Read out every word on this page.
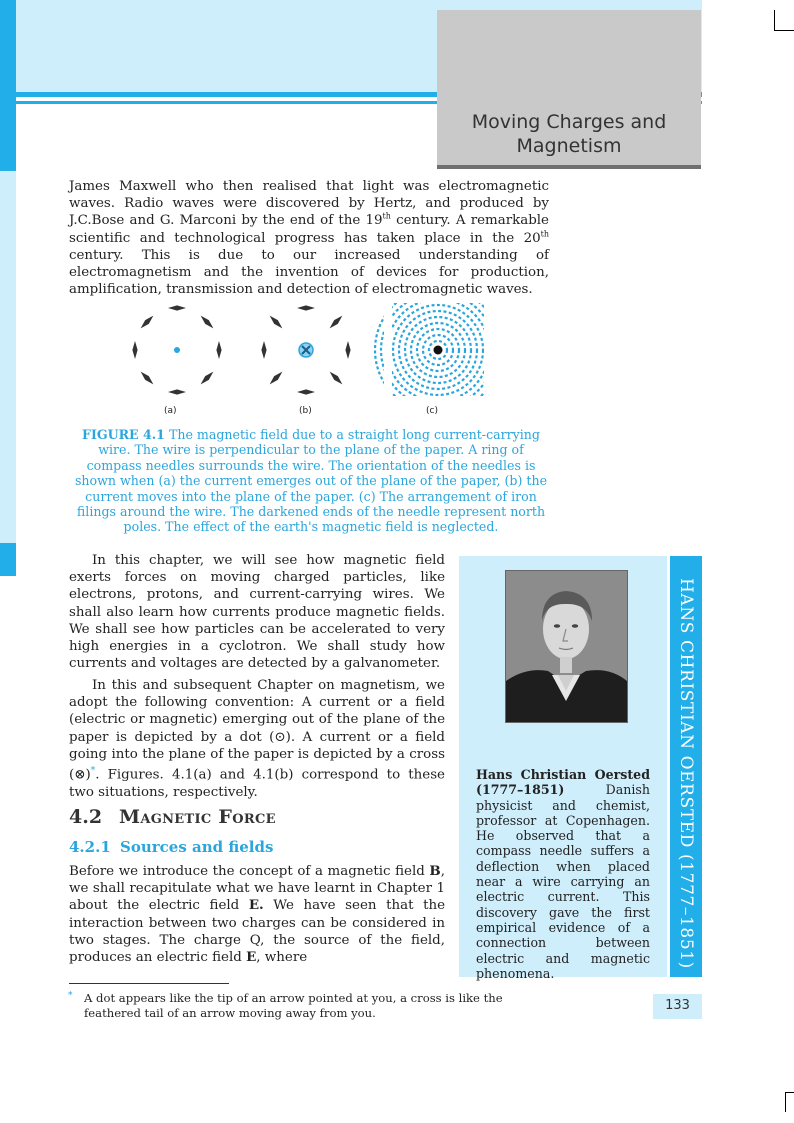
Moving Charges and Magnetism
James Maxwell who then realised that light was electromagnetic waves. Radio waves were discovered by Hertz, and produced by J.C.Bose and G. Marconi by the end of the 19th century. A remarkable scientific and technological progress has taken place in the 20th century. This is due to our increased understanding of electromagnetism and the invention of devices for production, amplification, transmission and detection of electromagnetic waves.
(a)	(b)	(c)
FIGURE 4.1 The magnetic field due to a straight long current-carrying wire. The wire is perpendicular to the plane of the paper. A ring of compass needles surrounds the wire. The orientation of the needles is shown when (a) the current emerges out of the plane of the paper, (b) the current moves into the plane of the paper. (c) The arrangement of iron filings around the wire. The darkened ends of the needle represent north poles. The effect of the earth's magnetic field is neglected.
In this chapter, we will see how magnetic field exerts forces on moving charged particles, like electrons, protons, and current-carrying wires. We shall also learn how currents produce magnetic fields. We shall see how particles can be accelerated to very high energies in a cyclotron. We shall study how currents and voltages are detected by a galvanometer.
In this and subsequent Chapter on magnetism, we adopt the following convention: A current or a field (electric or magnetic) emerging out of the plane of the paper is depicted by a dot (⊙). A current or a field going into the plane of the paper is depicted by a cross (⊗)*. Figures. 4.1(a) and 4.1(b) correspond to these two situations, respectively.
4.2 Magnetic Force
4.2.1 Sources and fields
Before we introduce the concept of a magnetic field B, we shall recapitulate what we have learnt in Chapter 1 about the electric field E. We have seen that the interaction between two charges can be considered in two stages. The charge Q, the source of the field, produces an electric field E, where	HANS CHRISTIAN OERSTED (1777–1851)
Hans Christian Oersted (1777–1851) Danish physicist and chemist, professor at Copenhagen. He observed that a compass needle suffers a deflection when placed near a wire carrying an electric current. This discovery gave the first empirical evidence of a connection between electric and magnetic phenomena.
* A dot appears like the tip of an arrow pointed at you, a cross is like the feathered tail of an arrow moving away from you.
133
